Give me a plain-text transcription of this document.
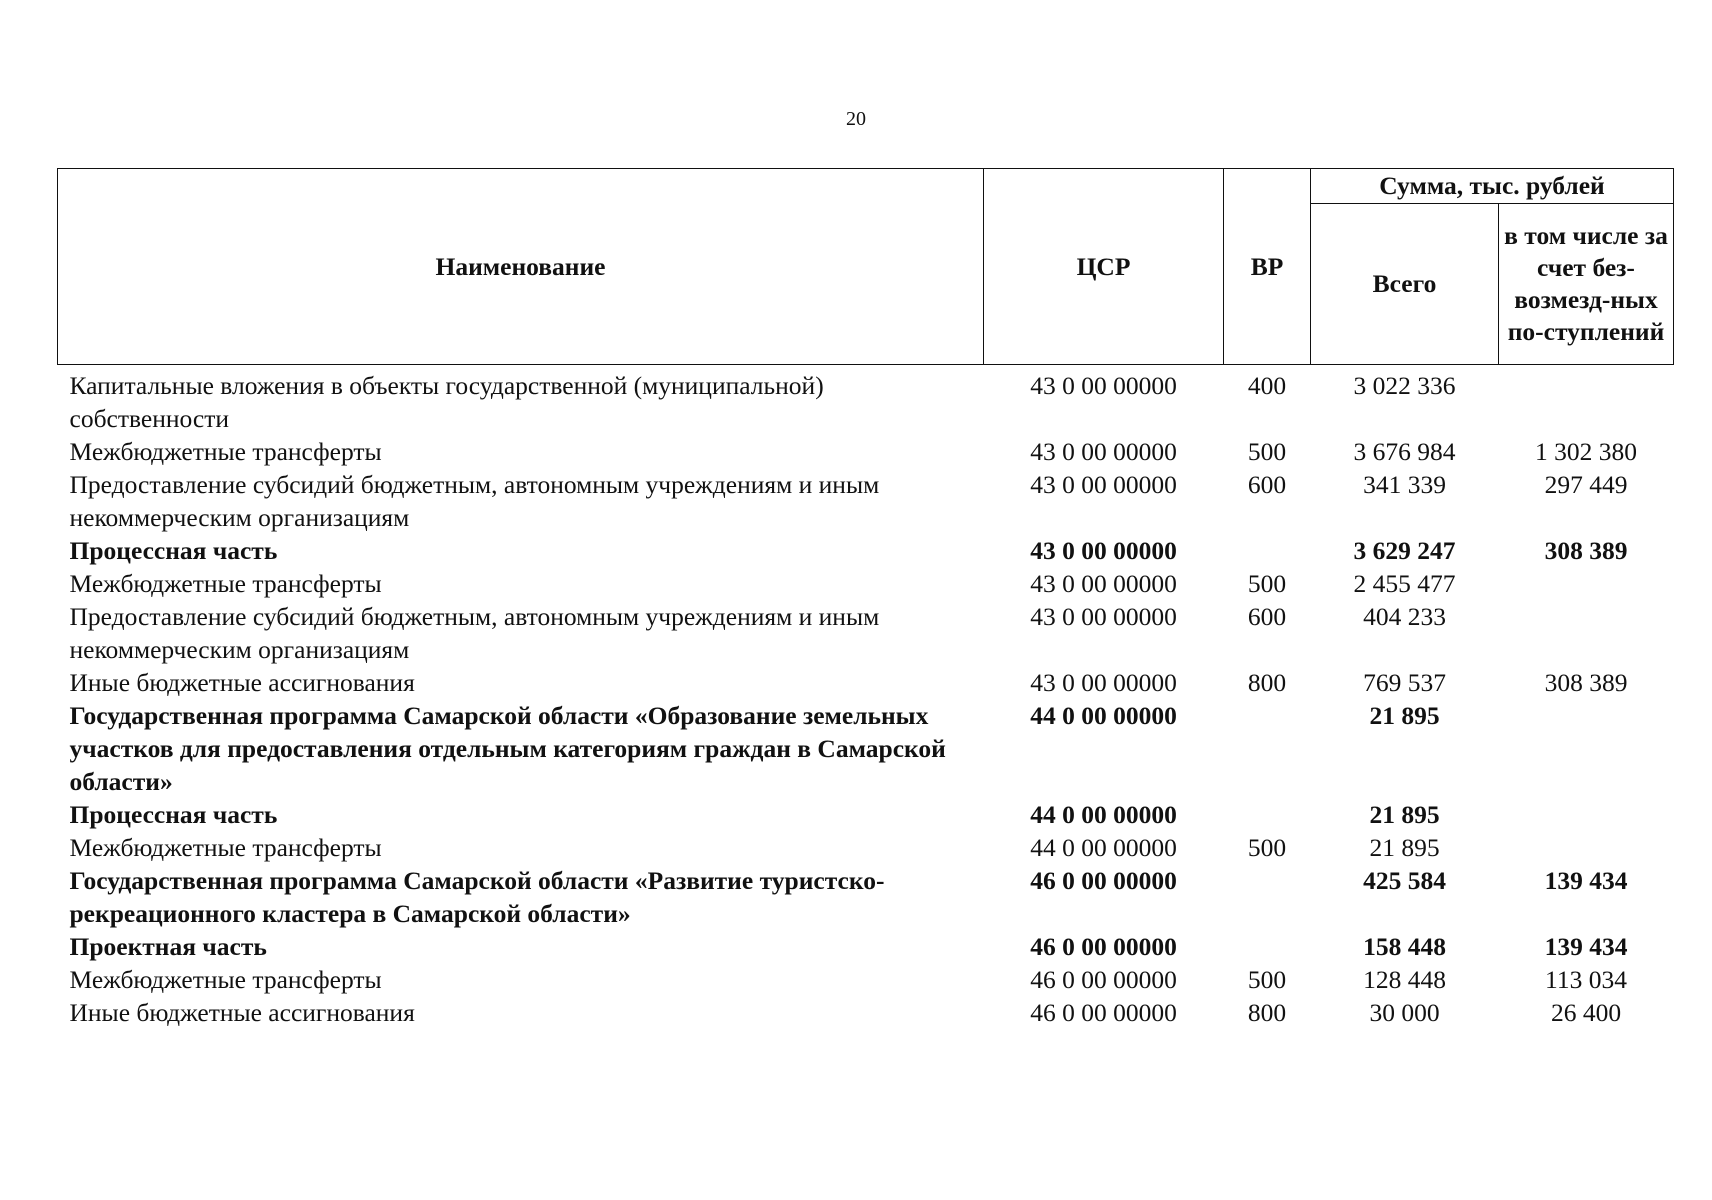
20
Наименование	ЦСР	ВР	Сумма, тыс. рублей	
			Всего	в том числе за счет без-возмезд-ных по-ступлений
Капитальные вложения в объекты государственной (муниципальной) собственности	43 0 00 00000	400	3 022 336	
Межбюджетные трансферты	43 0 00 00000	500	3 676 984	1 302 380
Предоставление субсидий бюджетным, автономным учреждениям и иным некоммерческим организациям	43 0 00 00000	600	341 339	297 449
Процессная часть	43 0 00 00000		3 629 247	308 389
Межбюджетные трансферты	43 0 00 00000	500	2 455 477	
Предоставление субсидий бюджетным, автономным учреждениям и иным некоммерческим организациям	43 0 00 00000	600	404 233	
Иные бюджетные ассигнования	43 0 00 00000	800	769 537	308 389
Государственная программа Самарской области «Образование земельных участков для предоставления отдельным категориям граждан в Самарской области»	44 0 00 00000		21 895	
Процессная часть	44 0 00 00000		21 895	
Межбюджетные трансферты	44 0 00 00000	500	21 895	
Государственная программа Самарской области «Развитие туристско-рекреационного кластера в Самарской области»	46 0 00 00000		425 584	139 434
Проектная часть	46 0 00 00000		158 448	139 434
Межбюджетные трансферты	46 0 00 00000	500	128 448	113 034
Иные бюджетные ассигнования	46 0 00 00000	800	30 000	26 400
